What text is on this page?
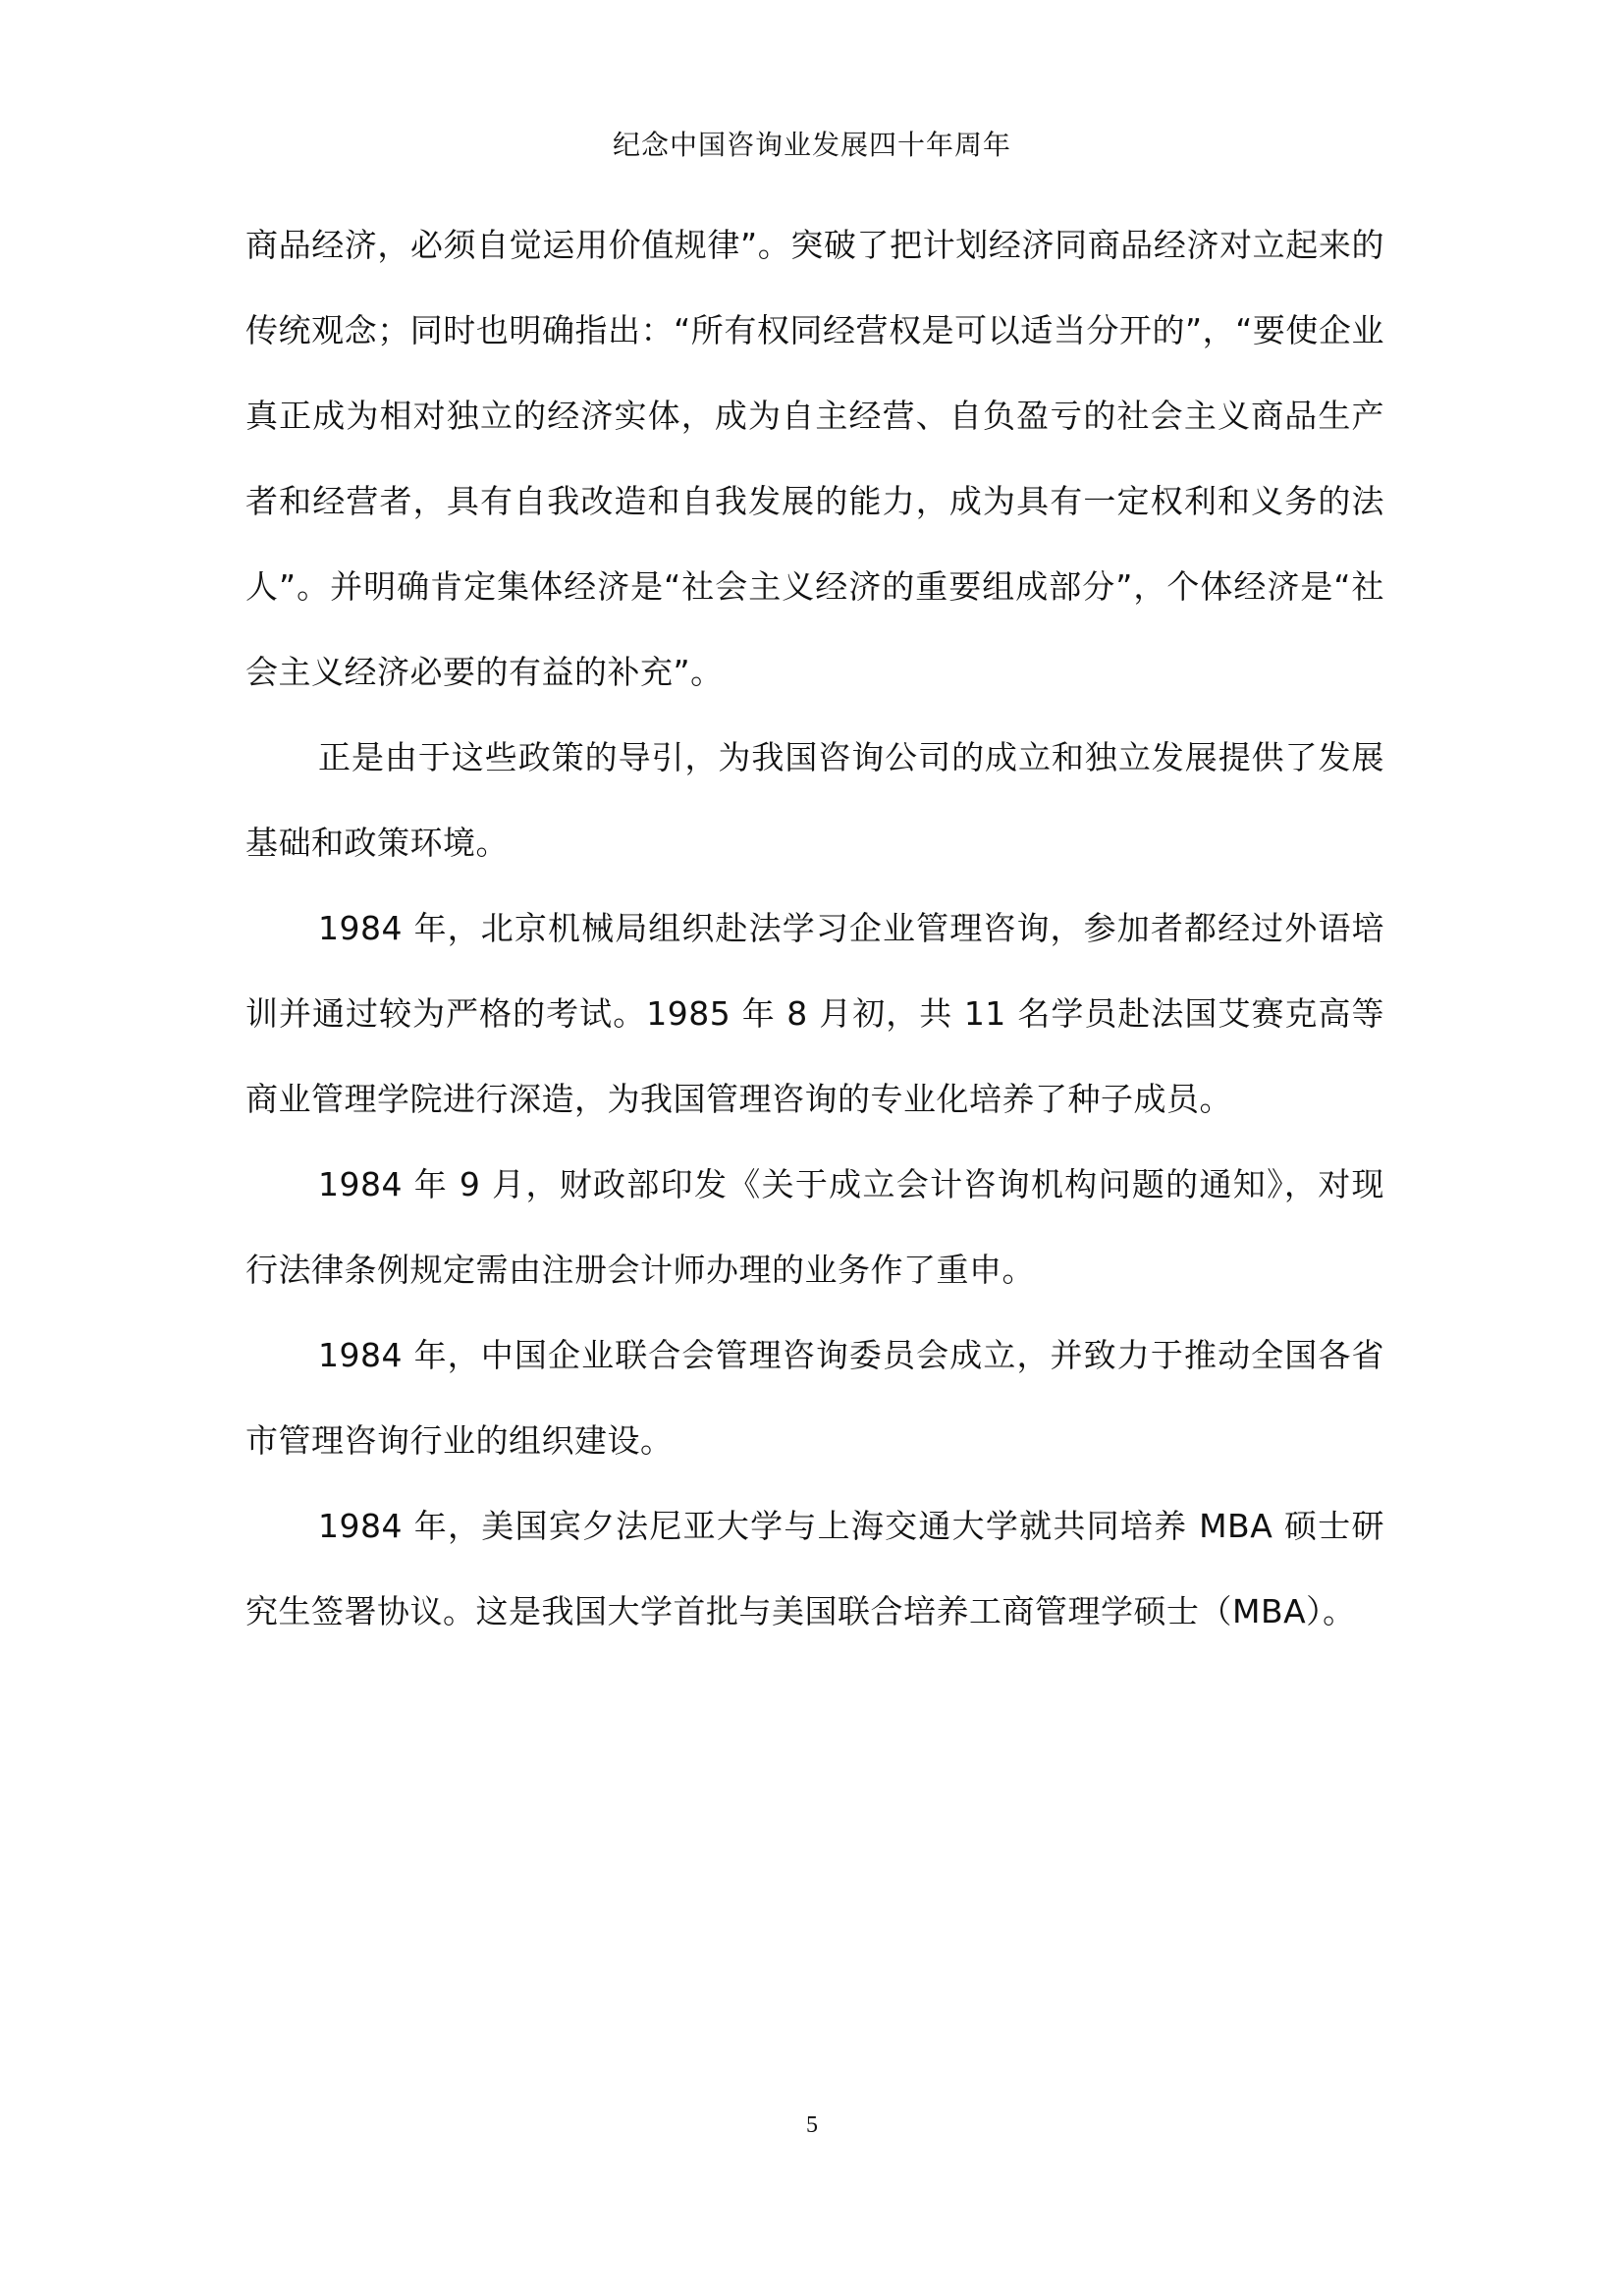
纪念中国咨询业发展四十年周年

商品经济，必须自觉运用价值规律”。突破了把计划经济同商品经济对立起来的传统观念；同时也明确指出：“所有权同经营权是可以适当分开的”，“要使企业真正成为相对独立的经济实体，成为自主经营、自负盈亏的社会主义商品生产者和经营者，具有自我改造和自我发展的能力，成为具有一定权利和义务的法人”。并明确肯定集体经济是“社会主义经济的重要组成部分”，个体经济是“社会主义经济必要的有益的补充”。

正是由于这些政策的导引，为我国咨询公司的成立和独立发展提供了发展基础和政策环境。

1984 年，北京机械局组织赴法学习企业管理咨询，参加者都经过外语培训并通过较为严格的考试。1985 年 8 月初，共 11 名学员赴法国艾赛克高等商业管理学院进行深造，为我国管理咨询的专业化培养了种子成员。

1984 年 9 月，财政部印发《关于成立会计咨询机构问题的通知》，对现行法律条例规定需由注册会计师办理的业务作了重申。

1984 年，中国企业联合会管理咨询委员会成立，并致力于推动全国各省市管理咨询行业的组织建设。

1984 年，美国宾夕法尼亚大学与上海交通大学就共同培养 MBA 硕士研究生签署协议。这是我国大学首批与美国联合培养工商管理学硕士（MBA）。

5
